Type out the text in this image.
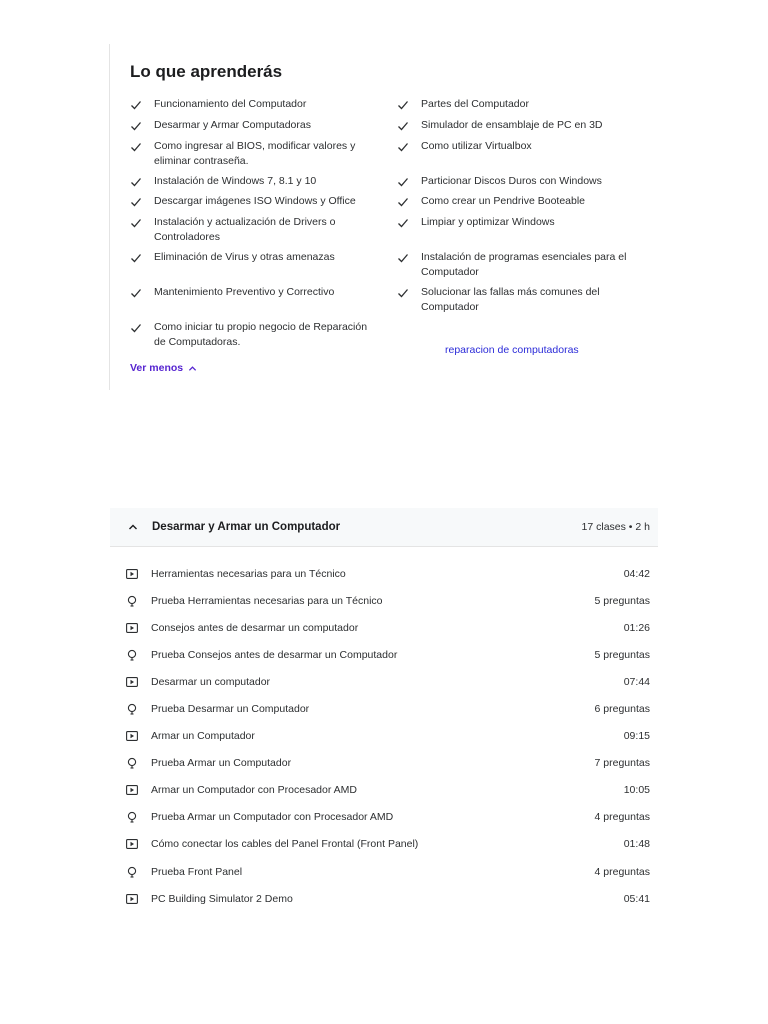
Lo que aprenderás
Funcionamiento del Computador	Partes del Computador
Desarmar y Armar Computadoras	Simulador de ensamblaje de PC en 3D
Como ingresar al BIOS, modificar valores y eliminar contraseña.
Como utilizar Virtualbox
Instalación de Windows 7, 8.1 y 10	Particionar Discos Duros con Windows
Descargar imágenes ISO Windows y Office	Como crear un Pendrive Booteable
Instalación y actualización de Drivers o Controladores
Limpiar y optimizar Windows
Eliminación de Virus y otras amenazas	Instalación de programas esenciales para el Computador
Mantenimiento Preventivo y Correctivo	Solucionar las fallas más comunes del Computador
Como iniciar tu propio negocio de Reparación de Computadoras.
reparacion de computadoras
Ver menos
Desarmar y Armar un Computador	17 clases • 2 h
Herramientas necesarias para un Técnico	04:42
Prueba Herramientas necesarias para un Técnico	5 preguntas
Consejos antes de desarmar un computador	01:26
Prueba Consejos antes de desarmar un Computador	5 preguntas
Desarmar un computador	07:44
Prueba Desarmar un Computador	6 preguntas
Armar un Computador	09:15
Prueba Armar un Computador	7 preguntas
Armar un Computador con Procesador AMD	10:05
Prueba Armar un Computador con Procesador AMD	4 preguntas
Cómo conectar los cables del Panel Frontal (Front Panel)	01:48
Prueba Front Panel	4 preguntas
PC Building Simulator 2 Demo	05:41
